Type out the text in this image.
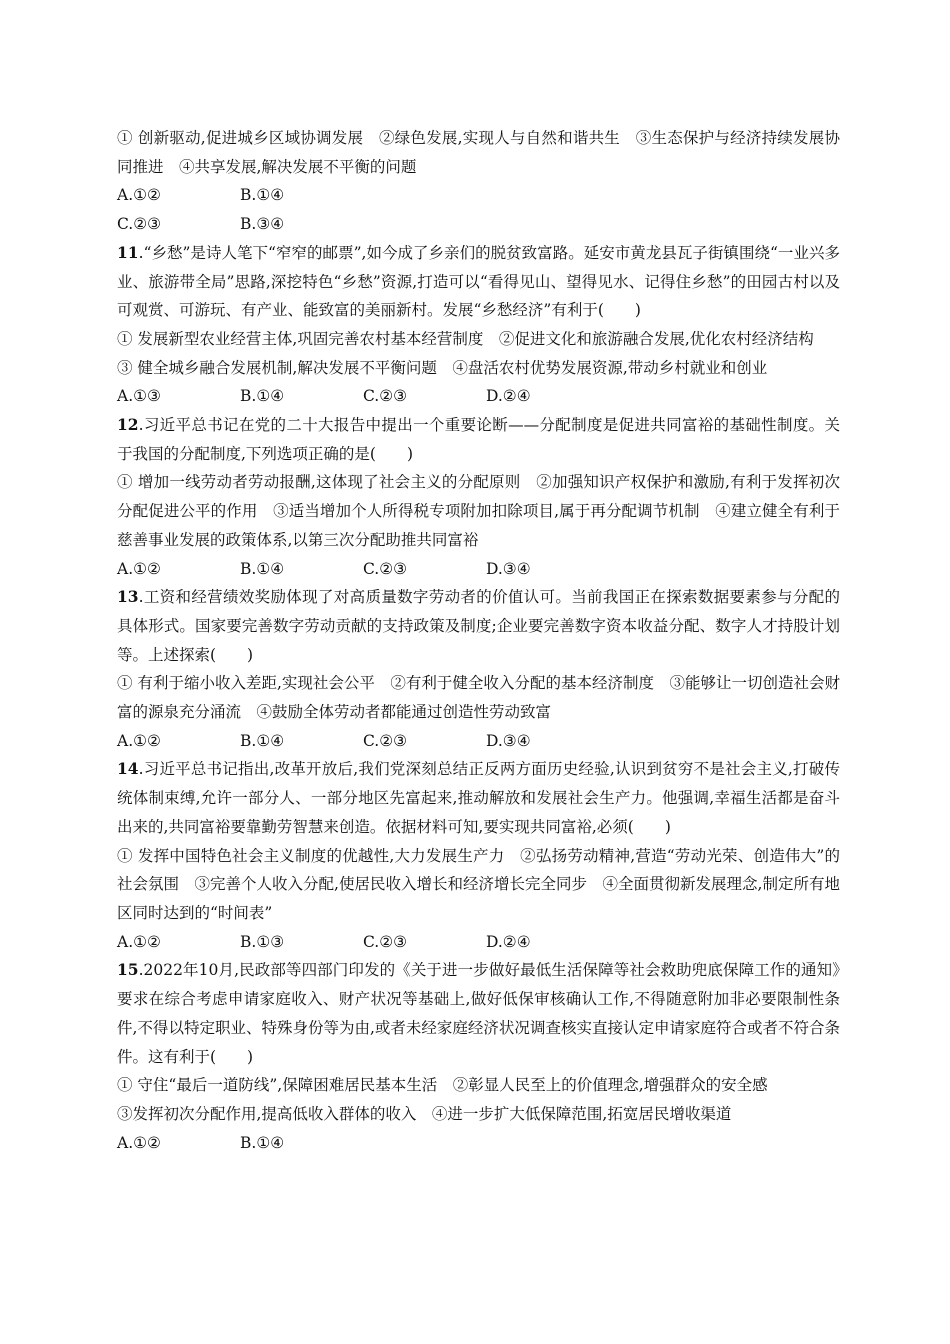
① 创新驱动,促进城乡区域协调发展　②绿色发展,实现人与自然和谐共生　③生态保护与经济持续发展协同推进　④共享发展,解决发展不平衡的问题
A.①②	B.①④
C.②③	B.③④
11.“乡愁”是诗人笔下“窄窄的邮票”,如今成了乡亲们的脱贫致富路。延安市黄龙县瓦子街镇围绕“一业兴多业、旅游带全局”思路,深挖特色“乡愁”资源,打造可以“看得见山、望得见水、记得住乡愁”的田园古村以及可观赏、可游玩、有产业、能致富的美丽新村。发展“乡愁经济”有利于(　　)
① 发展新型农业经营主体,巩固完善农村基本经营制度　②促进文化和旅游融合发展,优化农村经济结构
③ 健全城乡融合发展机制,解决发展不平衡问题　④盘活农村优势发展资源,带动乡村就业和创业
A.①③	B.①④	C.②③	D.②④
12.习近平总书记在党的二十大报告中提出一个重要论断——分配制度是促进共同富裕的基础性制度。关于我国的分配制度,下列选项正确的是(　　)
① 增加一线劳动者劳动报酬,这体现了社会主义的分配原则　②加强知识产权保护和激励,有利于发挥初次分配促进公平的作用　③适当增加个人所得税专项附加扣除项目,属于再分配调节机制　④建立健全有利于慈善事业发展的政策体系,以第三次分配助推共同富裕
A.①②	B.①④	C.②③	D.③④
13.工资和经营绩效奖励体现了对高质量数字劳动者的价值认可。当前我国正在探索数据要素参与分配的具体形式。国家要完善数字劳动贡献的支持政策及制度;企业要完善数字资本收益分配、数字人才持股计划等。上述探索(　　)
① 有利于缩小收入差距,实现社会公平　②有利于健全收入分配的基本经济制度　③能够让一切创造社会财富的源泉充分涌流　④鼓励全体劳动者都能通过创造性劳动致富
A.①②	B.①④	C.②③	D.③④
14.习近平总书记指出,改革开放后,我们党深刻总结正反两方面历史经验,认识到贫穷不是社会主义,打破传统体制束缚,允许一部分人、一部分地区先富起来,推动解放和发展社会生产力。他强调,幸福生活都是奋斗出来的,共同富裕要靠勤劳智慧来创造。依据材料可知,要实现共同富裕,必须(　　)
① 发挥中国特色社会主义制度的优越性,大力发展生产力　②弘扬劳动精神,营造“劳动光荣、创造伟大”的社会氛围　③完善个人收入分配,使居民收入增长和经济增长完全同步　④全面贯彻新发展理念,制定所有地区同时达到的“时间表”
A.①②	B.①③	C.②③	D.②④
15.2022年10月,民政部等四部门印发的《关于进一步做好最低生活保障等社会救助兜底保障工作的通知》要求在综合考虑申请家庭收入、财产状况等基础上,做好低保审核确认工作,不得随意附加非必要限制性条件,不得以特定职业、特殊身份等为由,或者未经家庭经济状况调查核实直接认定申请家庭符合或者不符合条件。这有利于(　　)
① 守住“最后一道防线”,保障困难居民基本生活　②彰显人民至上的价值理念,增强群众的安全感
③发挥初次分配作用,提高低收入群体的收入　④进一步扩大低保障范围,拓宽居民增收渠道
A.①②	B.①④
